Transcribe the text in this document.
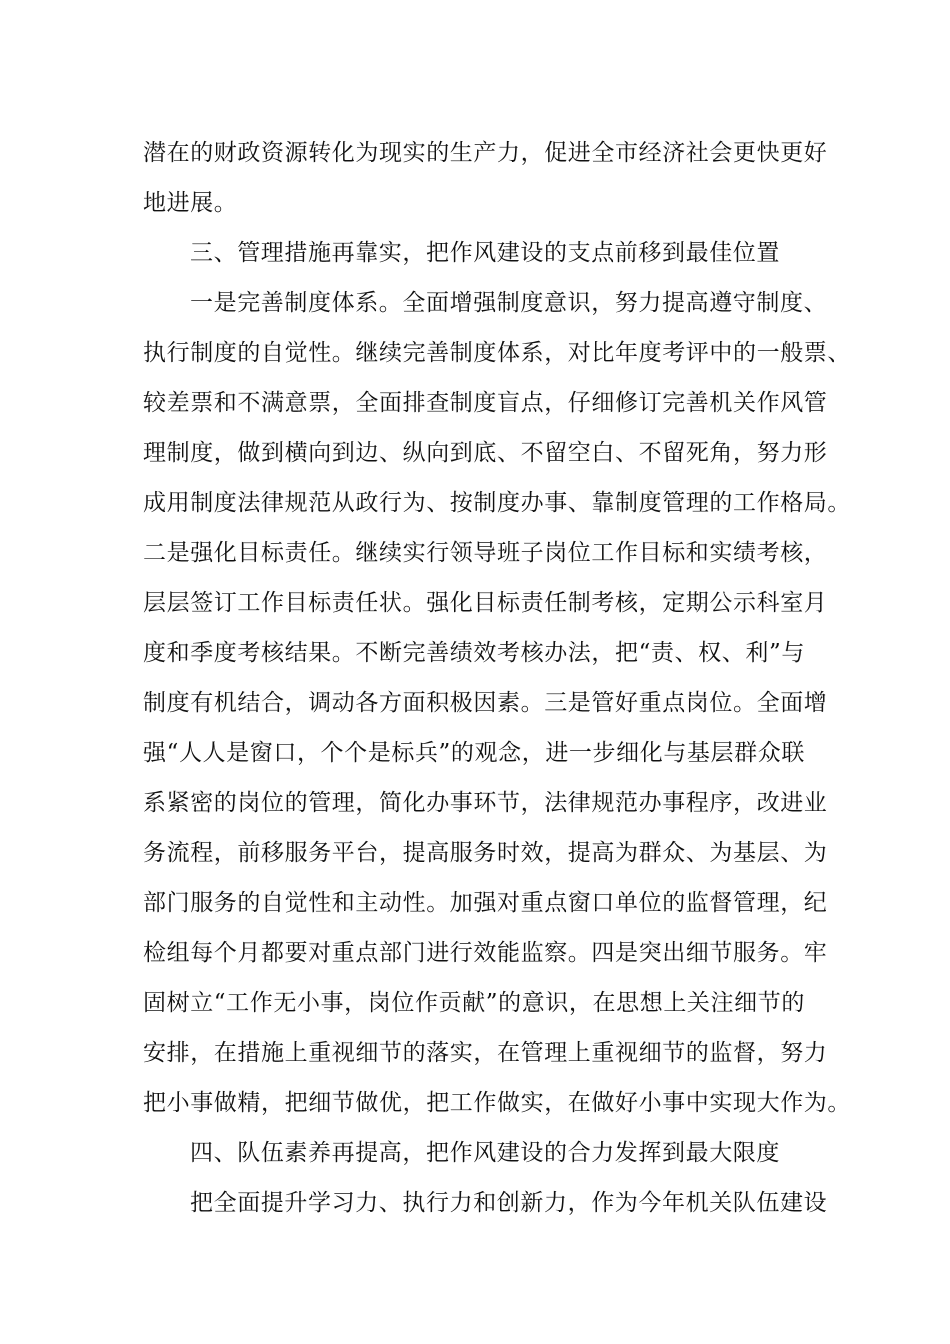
潜在的财政资源转化为现实的生产力，促进全市经济社会更快更好
地进展。
三、管理措施再靠实，把作风建设的支点前移到最佳位置
一是完善制度体系。全面增强制度意识，努力提高遵守制度、
执行制度的自觉性。继续完善制度体系，对比年度考评中的一般票、
较差票和不满意票，全面排查制度盲点，仔细修订完善机关作风管
理制度，做到横向到边、纵向到底、不留空白、不留死角，努力形
成用制度法律规范从政行为、按制度办事、靠制度管理的工作格局。
二是强化目标责任。继续实行领导班子岗位工作目标和实绩考核，
层层签订工作目标责任状。强化目标责任制考核，定期公示科室月
度和季度考核结果。不断完善绩效考核办法，把“责、权、利”与
制度有机结合，调动各方面积极因素。三是管好重点岗位。全面增
强“人人是窗口，个个是标兵”的观念，进一步细化与基层群众联
系紧密的岗位的管理，简化办事环节，法律规范办事程序，改进业
务流程，前移服务平台，提高服务时效，提高为群众、为基层、为
部门服务的自觉性和主动性。加强对重点窗口单位的监督管理，纪
检组每个月都要对重点部门进行效能监察。四是突出细节服务。牢
固树立“工作无小事，岗位作贡献”的意识，在思想上关注细节的
安排，在措施上重视细节的落实，在管理上重视细节的监督，努力
把小事做精，把细节做优，把工作做实，在做好小事中实现大作为。
四、队伍素养再提高，把作风建设的合力发挥到最大限度
把全面提升学习力、执行力和创新力，作为今年机关队伍建设
